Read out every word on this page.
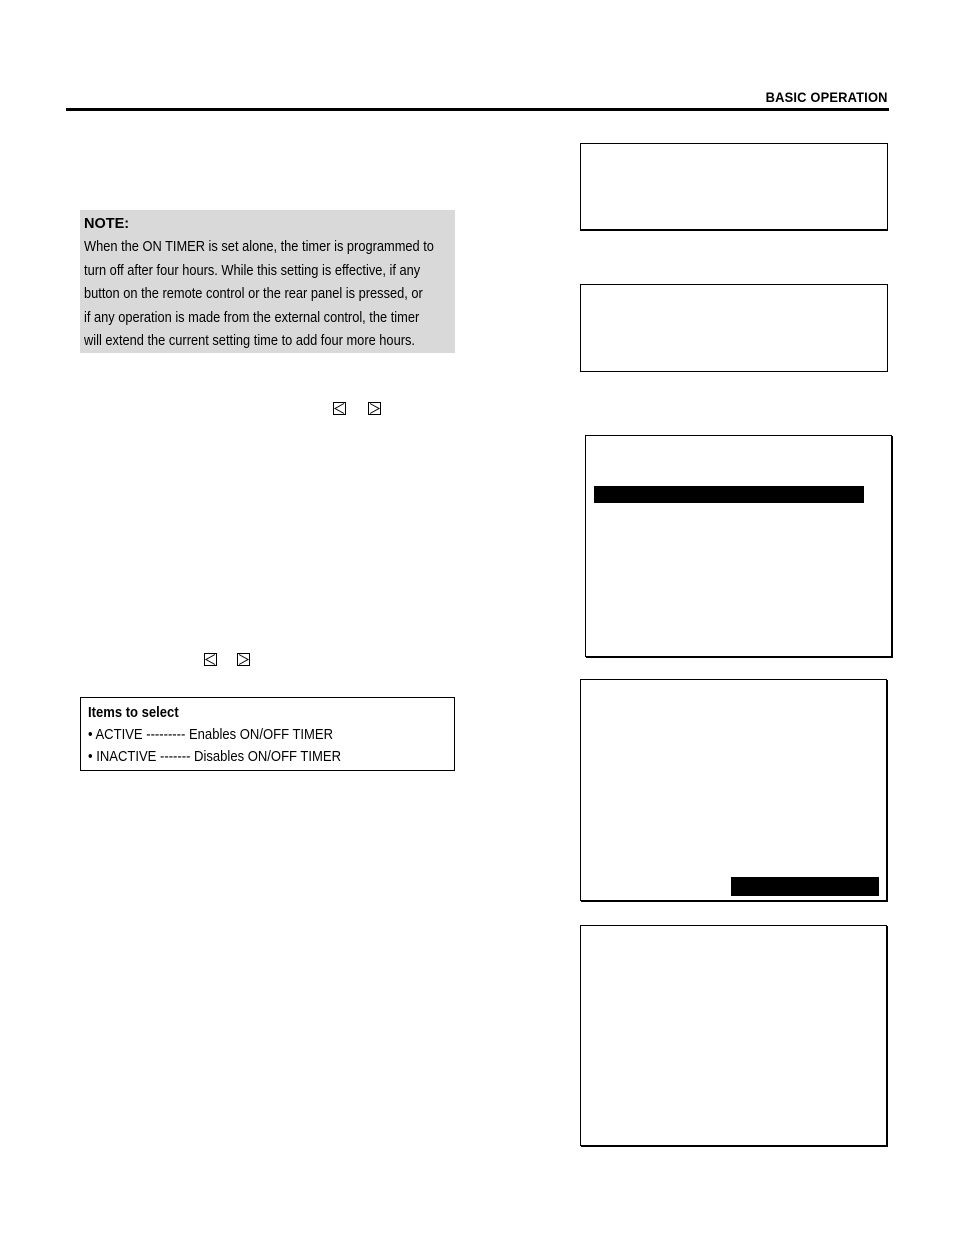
BASIC OPERATION
NOTE:
When the ON TIMER is set alone, the timer is programmed to
turn off after four hours. While this setting is effective, if any
button on the remote control or the rear panel is pressed, or
if any operation is made from the external control, the timer
will extend the current setting time to add four more hours.
Items to select
• ACTIVE --------- Enables ON/OFF TIMER
• INACTIVE ------- Disables ON/OFF TIMER
